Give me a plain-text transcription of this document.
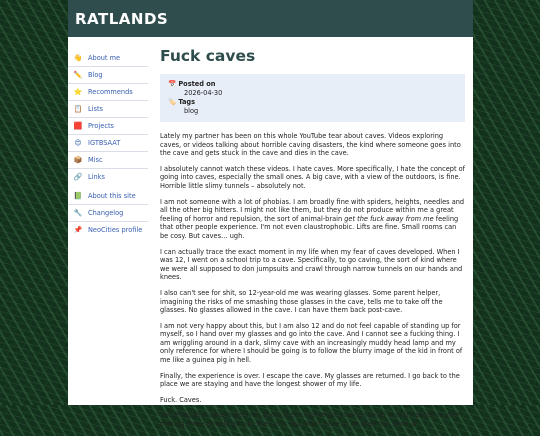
RATLANDS
👋 About me
✏️ Blog
⭐ Recommends
📋 Lists
🟥 Projects
😍 IGTBSAAT
📦 Misc
🔗 Links
📗 About this site
🔧 Changelog
📌 NeoCities profile
Fuck caves
📅 Posted on
2026-04-30
🏷️ Tags
blog

Lately my partner has been on this whole YouTube tear about caves. Videos exploring caves, or videos talking about horrible caving disasters, the kind where someone goes into the cave and gets stuck in the cave and dies in the cave.

I absolutely cannot watch these videos. I hate caves. More specifically, I hate the concept of going into caves, especially the small ones. A big cave, with a view of the outdoors, is fine. Horrible little slimy tunnels – absolutely not.

I am not someone with a lot of phobias. I am broadly fine with spiders, heights, needles and all the other big hitters. I might not like them, but they do not produce within me a great feeling of horror and repulsion, the sort of animal-brain get the fuck away from me feeling that other people experience. I'm not even claustrophobic. Lifts are fine. Small rooms can be cosy. But caves… ugh.

I can actually trace the exact moment in my life when my fear of caves developed. When I was 12, I went on a school trip to a cave. Specifically, to go caving, the sort of kind where we were all supposed to don jumpsuits and crawl through narrow tunnels on our hands and knees.

I also can't see for shit, so 12-year-old me was wearing glasses. Some parent helper, imagining the risks of me smashing those glasses in the cave, tells me to take off the glasses. No glasses allowed in the cave. I can have them back post-cave.

I am not very happy about this, but I am also 12 and do not feel capable of standing up for myself, so I hand over my glasses and go into the cave. And I cannot see a fucking thing. I am wriggling around in a dark, slimy cave with an increasingly muddy head lamp and my only reference for where I should be going is to follow the blurry image of the kid in front of me like a guinea pig in hell.

Finally, the experience is over. I escape the cave. My glasses are returned. I go back to the place we are staying and have the longest shower of my life.

Fuck. Caves.

The thing that always gets me about these nightmare caving stories is that nobody is ever making these people go into the cave. You didn't have to do that! You were an
